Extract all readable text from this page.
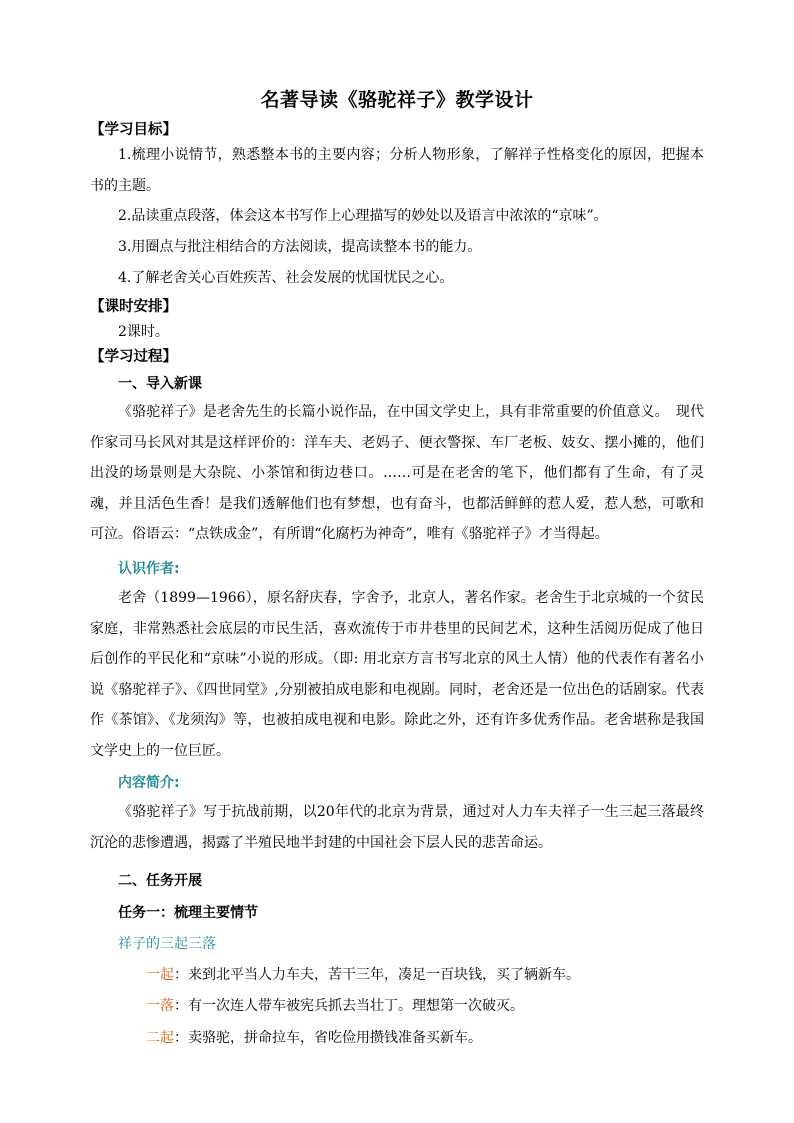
名著导读《骆驼祥子》教学设计
【学习目标】

1.梳理小说情节，熟悉整本书的主要内容；分析人物形象，了解祥子性格变化的原因，把握本书的主题。

2.品读重点段落，体会这本书写作上心理描写的妙处以及语言中浓浓的“京味”。

3.用圈点与批注相结合的方法阅读，提高读整本书的能力。

4.了解老舍关心百姓疾苦、社会发展的忧国忧民之心。

【课时安排】
2课时。
【学习过程】
一、导入新课

《骆驼祥子》是老舍先生的长篇小说作品，在中国文学史上，具有非常重要的价值意义。　现代作家司马长风对其是这样评价的：洋车夫、老妈子、便衣警探、车厂老板、妓女、摆小摊的，他们出没的场景则是大杂院、小茶馆和街边巷口。……可是在老舍的笔下，他们都有了生命，有了灵魂，并且活色生香！是我们透解他们也有梦想，也有奋斗，也都活鲜鲜的惹人爱，惹人愁，可歌和可泣。俗语云：“点铁成金”，有所谓“化腐朽为神奇”，唯有《骆驼祥子》才当得起。

认识作者:

老舍（1899—1966），原名舒庆春，字舍予，北京人，著名作家。老舍生于北京城的一个贫民家庭，非常熟悉社会底层的市民生活，喜欢流传于市井巷里的民间艺术，这种生活阅历促成了他日后创作的平民化和“京味”小说的形成。（即: 用北京方言书写北京的风土人情）他的代表作有著名小说《骆驼祥子》、《四世同堂》,分别被拍成电影和电视剧。同时，老舍还是一位出色的话剧家。代表作《茶馆》、《龙须沟》等，也被拍成电视和电影。除此之外，还有许多优秀作品。老舍堪称是我国文学史上的一位巨匠。

内容简介:

《骆驼祥子》写于抗战前期，以20年代的北京为背景，通过对人力车夫祥子一生三起三落最终沉沦的悲惨遭遇，揭露了半殖民地半封建的中国社会下层人民的悲苦命运。

二、任务开展
任务一：梳理主要情节
祥子的三起三落
一起：来到北平当人力车夫，苦干三年，凑足一百块钱，买了辆新车。
一落：有一次连人带车被宪兵抓去当壮丁。理想第一次破灭。
二起：卖骆驼，拼命拉车，省吃俭用攒钱准备买新车。
